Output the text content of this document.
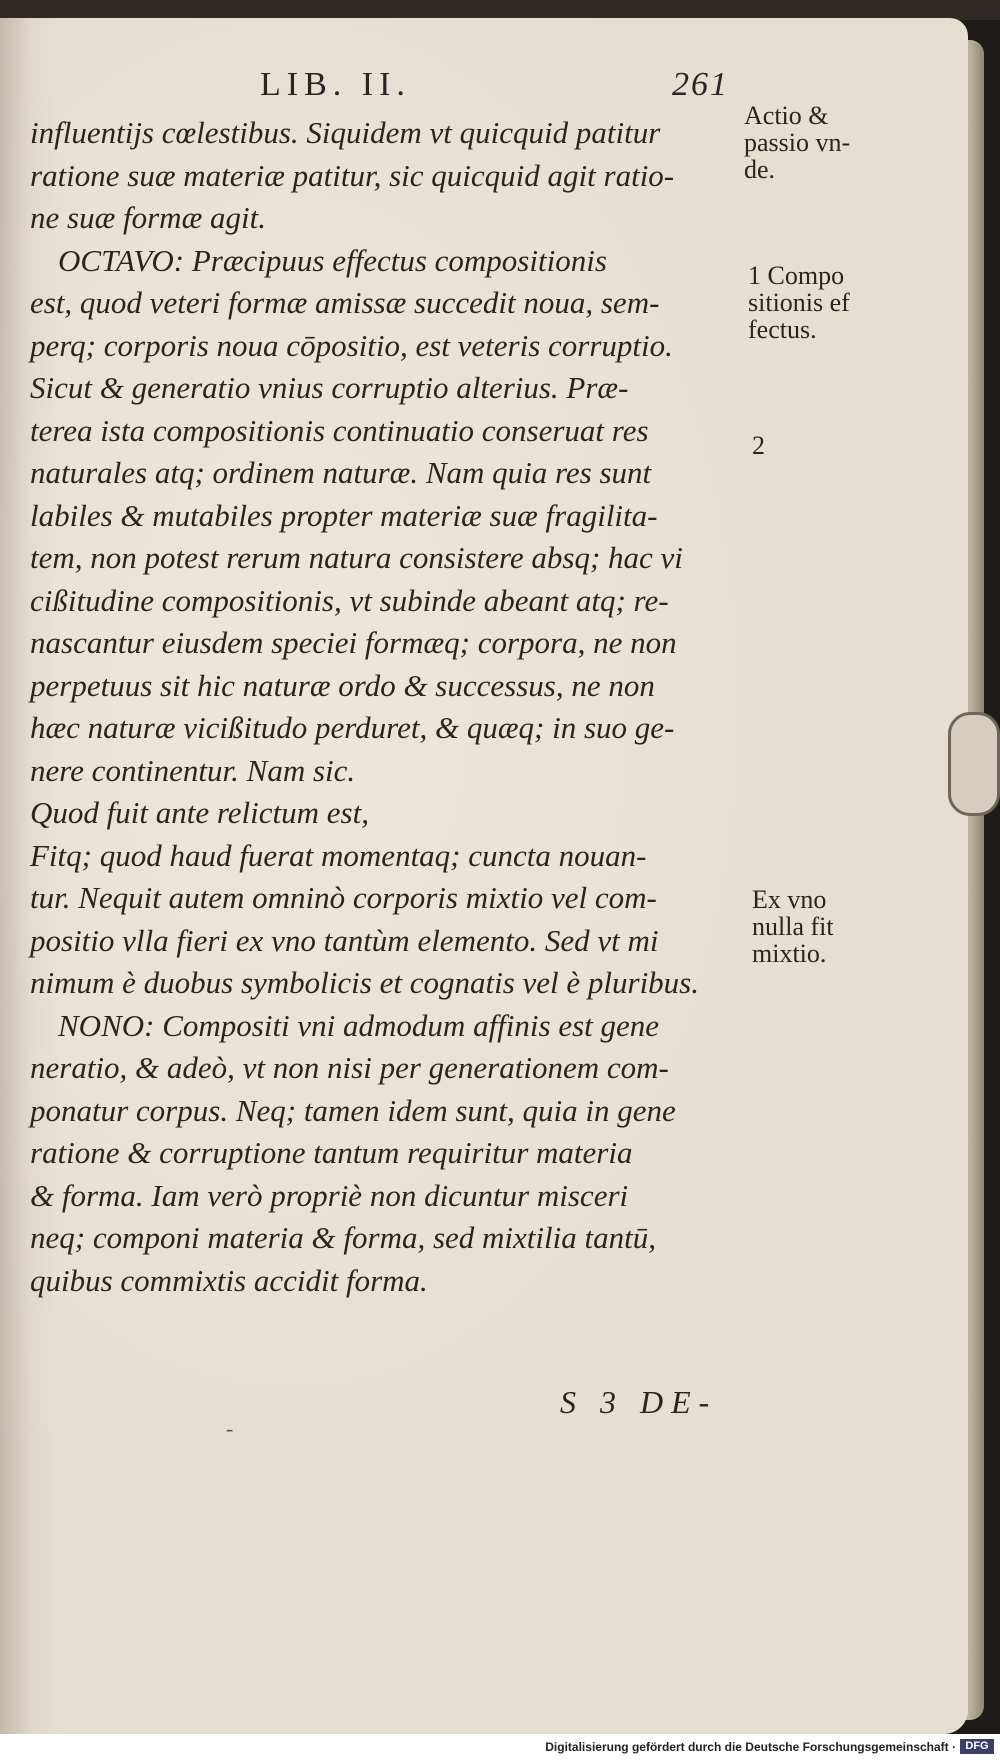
LIB. II.	261
influentijs cœlestibus. Siquidem vt quicquid patitur
ratione suæ materiæ patitur, sic quicquid agit ratio-
ne suæ formæ agit.
OCTAVO: Præcipuus effectus compositionis
est, quod veteri formæ amissæ succedit noua, sem-
perq; corporis noua cōpositio, est veteris corruptio.
Sicut & generatio vnius corruptio alterius. Præ-
terea ista compositionis continuatio conseruat res
naturales atq; ordinem naturæ. Nam quia res sunt
labiles & mutabiles propter materiæ suæ fragilita-
tem, non potest rerum natura consistere absq; hac vi
cißitudine compositionis, vt subinde abeant atq; re-
nascantur eiusdem speciei formæq; corpora, ne non
perpetuus sit hic naturæ ordo & successus, ne non
hæc naturæ vicißitudo perduret, & quæq; in suo ge-
nere continentur. Nam sic.
Quod fuit ante relictum est,
Fitq; quod haud fuerat momentaq; cuncta nouan-
tur. Nequit autem omninò corporis mixtio vel com-
positio vlla fieri ex vno tantùm elemento. Sed vt mi
nimum è duobus symbolicis et cognatis vel è pluribus.
NONO: Compositi vni admodum affinis est gene
neratio, & adeò, vt non nisi per generationem com-
ponatur corpus. Neq; tamen idem sunt, quia in gene
ratione & corruptione tantum requiritur materia
& forma. Iam verò propriè non dicuntur misceri
neq; componi materia & forma, sed mixtilia tantū,
quibus commixtis accidit forma.
Actio &
passio vn-
de.
1 Compo
sitionis ef
fectus.
2
Ex vno
nulla fit
mixtio.
S 3 DE-
-
Digitalisierung gefördert durch die Deutsche Forschungsgemeinschaft · DFG
